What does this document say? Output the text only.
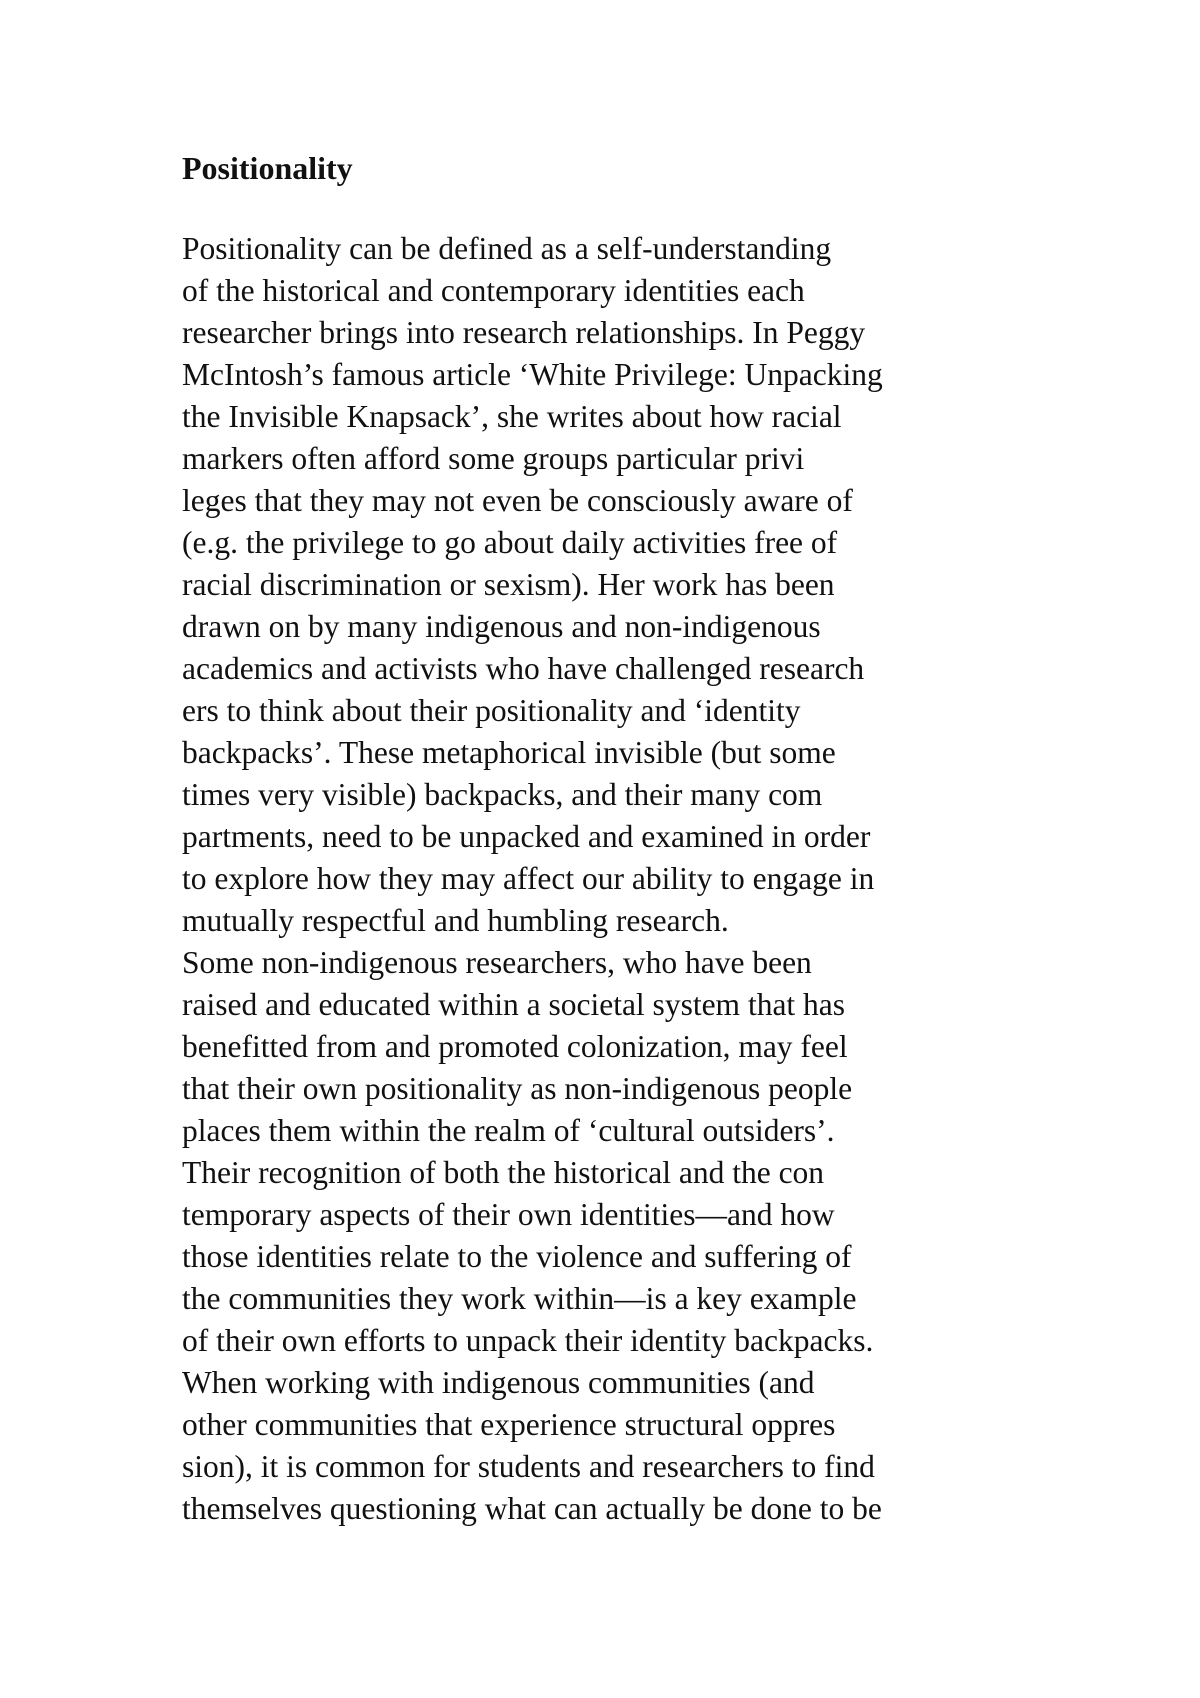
Positionality
Positionality can be defined as a self-understanding
of the historical and contemporary identities each
researcher brings into research relationships. In Peggy
McIntosh’s famous article ‘White Privilege: Unpacking
the Invisible Knapsack’, she writes about how racial
markers often afford some groups particular privi
leges that they may not even be consciously aware of
(e.g. the privilege to go about daily activities free of
racial discrimination or sexism). Her work has been
drawn on by many indigenous and non-indigenous
academics and activists who have challenged research
ers to think about their positionality and ‘identity
backpacks’. These metaphorical invisible (but some
times very visible) backpacks, and their many com
partments, need to be unpacked and examined in order
to explore how they may affect our ability to engage in
mutually respectful and humbling research.
Some non-indigenous researchers, who have been
raised and educated within a societal system that has
benefitted from and promoted colonization, may feel
that their own positionality as non-indigenous people
places them within the realm of ‘cultural outsiders’.
Their recognition of both the historical and the con
temporary aspects of their own identities—and how
those identities relate to the violence and suffering of
the communities they work within—is a key example
of their own efforts to unpack their identity backpacks.
When working with indigenous communities (and
other communities that experience structural oppres
sion), it is common for students and researchers to find
themselves questioning what can actually be done to be
